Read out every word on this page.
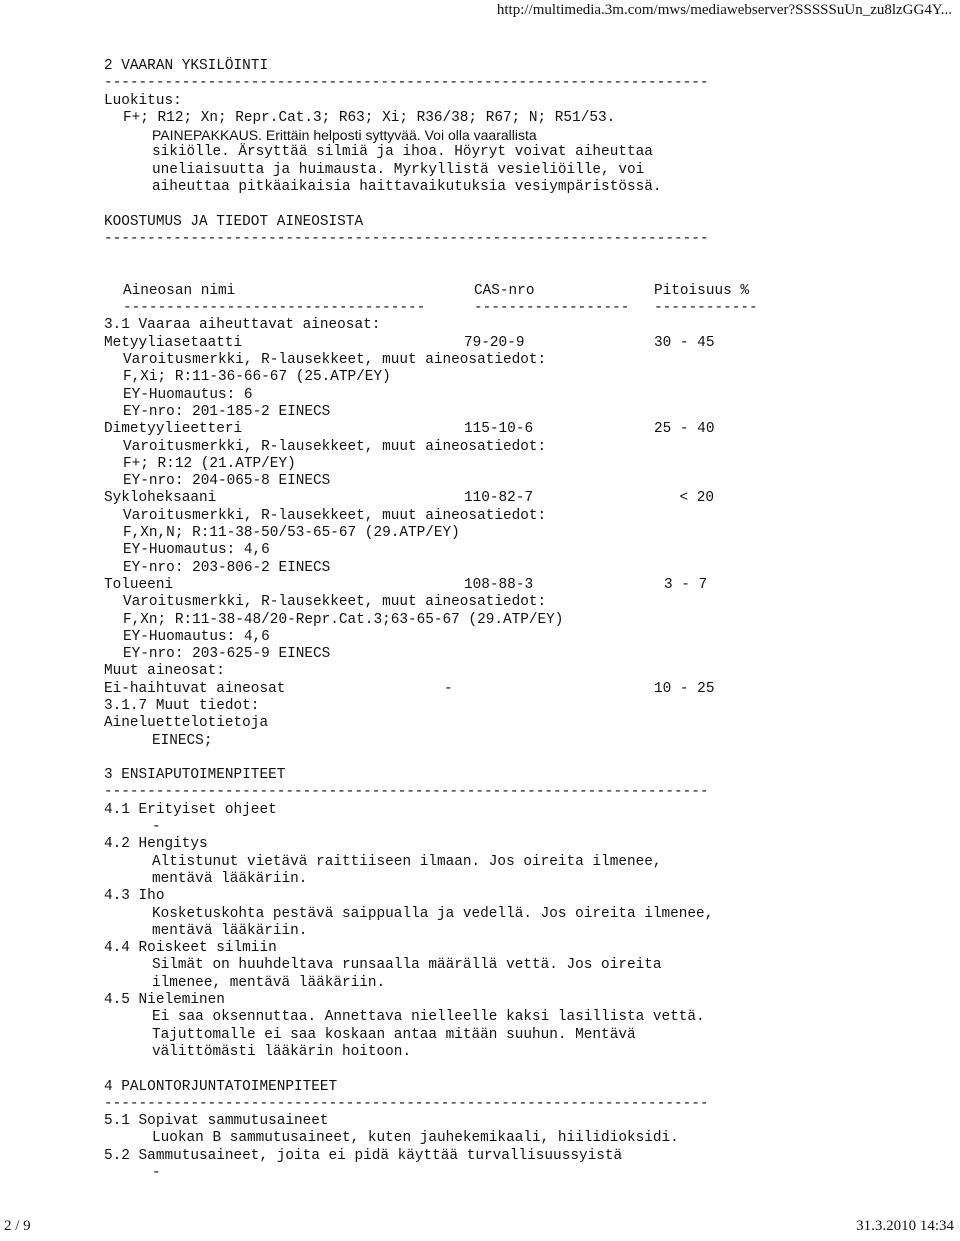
http://multimedia.3m.com/mws/mediawebserver?SSSSSuUn_zu8lzGG4Y...
2 VAARAN YKSILÖINTI
----------------------------------------------------------------------
Luokitus:
F+; R12; Xn; Repr.Cat.3; R63; Xi; R36/38; R67; N; R51/53.
PAINEPAKKAUS. Erittäin helposti syttyvää. Voi olla vaarallista
sikiölle. Ärsyttää silmiä ja ihoa. Höyryt voivat aiheuttaa
uneliaisuutta ja huimausta. Myrkyllistä vesieliöille, voi
aiheuttaa pitkäaikaisia haittavaikutuksia vesiympäristössä.
KOOSTUMUS JA TIEDOT AINEOSISTA
----------------------------------------------------------------------
Aineosan nimi	CAS-nro	Pitoisuus %
-----------------------------------	------------------	------------
3.1 Vaaraa aiheuttavat aineosat:
Metyyliasetaatti	79-20-9	30 - 45
Varoitusmerkki, R-lausekkeet, muut aineosatiedot:
F,Xi; R:11-36-66-67 (25.ATP/EY)
EY-Huomautus: 6
EY-nro: 201-185-2 EINECS
Dimetyylieetteri	115-10-6	25 - 40
Varoitusmerkki, R-lausekkeet, muut aineosatiedot:
F+; R:12 (21.ATP/EY)
EY-nro: 204-065-8 EINECS
Sykloheksaani	110-82-7	< 20
Varoitusmerkki, R-lausekkeet, muut aineosatiedot:
F,Xn,N; R:11-38-50/53-65-67 (29.ATP/EY)
EY-Huomautus: 4,6
EY-nro: 203-806-2 EINECS
Tolueeni	108-88-3	3 - 7
Varoitusmerkki, R-lausekkeet, muut aineosatiedot:
F,Xn; R:11-38-48/20-Repr.Cat.3;63-65-67 (29.ATP/EY)
EY-Huomautus: 4,6
EY-nro: 203-625-9 EINECS
Muut aineosat:
Ei-haihtuvat aineosat	-	10 - 25
3.1.7 Muut tiedot:
Aineluettelotietoja
EINECS;
3 ENSIAPUTOIMENPITEET
----------------------------------------------------------------------
4.1 Erityiset ohjeet
-
4.2 Hengitys
Altistunut vietävä raittiiseen ilmaan. Jos oireita ilmenee,
mentävä lääkäriin.
4.3 Iho
Kosketuskohta pestävä saippualla ja vedellä. Jos oireita ilmenee,
mentävä lääkäriin.
4.4 Roiskeet silmiin
Silmät on huuhdeltava runsaalla määrällä vettä. Jos oireita
ilmenee, mentävä lääkäriin.
4.5 Nieleminen
Ei saa oksennuttaa. Annettava nielleelle kaksi lasillista vettä.
Tajuttomalle ei saa koskaan antaa mitään suuhun. Mentävä
välittömästi lääkärin hoitoon.
4 PALONTORJUNTATOIMENPITEET
----------------------------------------------------------------------
5.1 Sopivat sammutusaineet
Luokan B sammutusaineet, kuten jauhekemikaali, hiilidioksidi.
5.2 Sammutusaineet, joita ei pidä käyttää turvallisuussyistä
-
2 / 9	31.3.2010 14:34
